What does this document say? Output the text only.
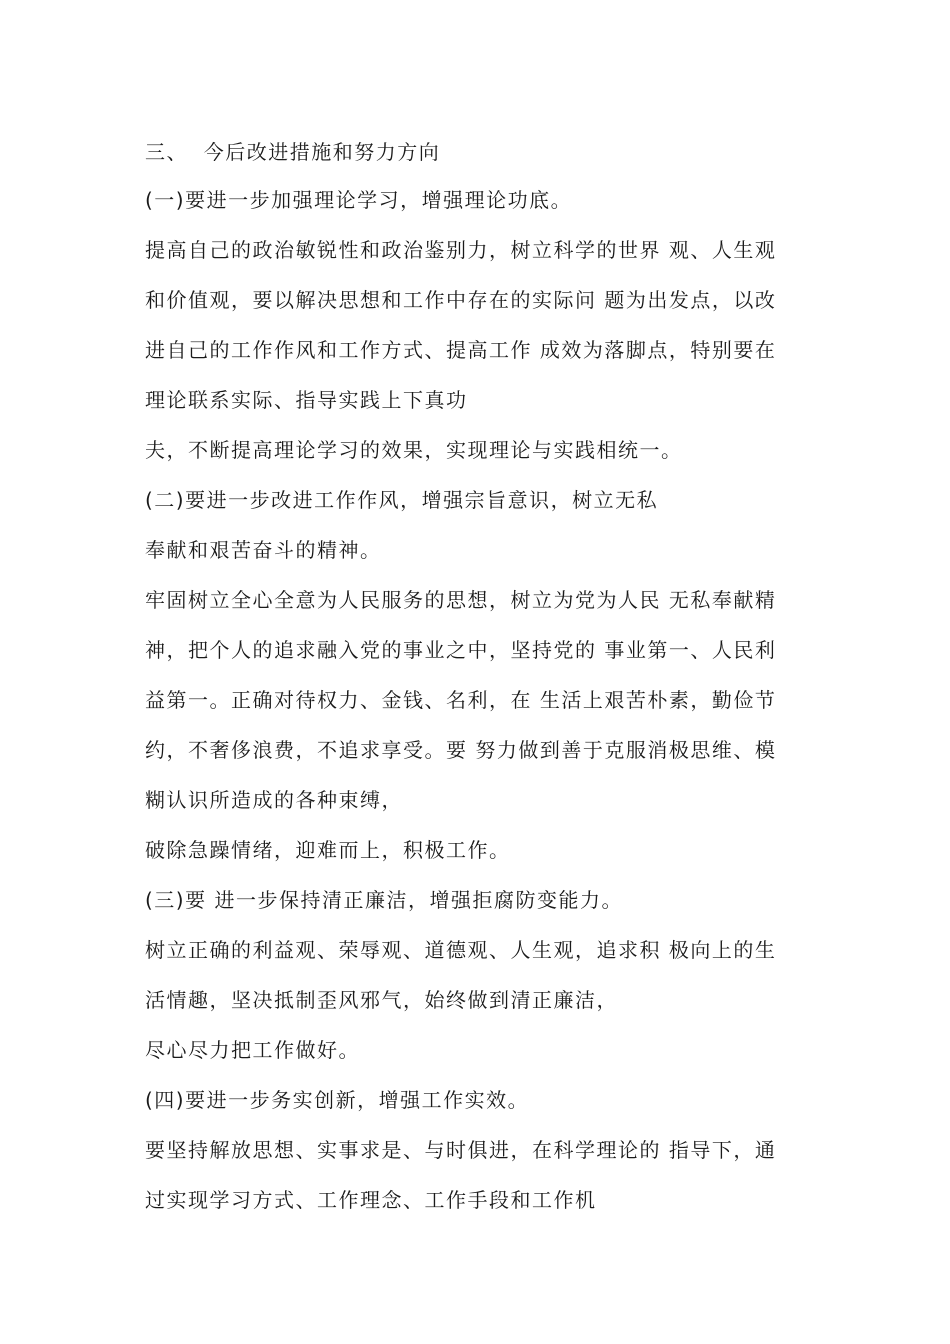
三、  今后改进措施和努力方向
(一)要进一步加强理论学习，增强理论功底。
提高自己的政治敏锐性和政治鉴别力，树立科学的世界 观、人生观
和价值观，要以解决思想和工作中存在的实际问 题为出发点，以改
进自己的工作作风和工作方式、提高工作 成效为落脚点，特别要在
理论联系实际、指导实践上下真功
夫，不断提高理论学习的效果，实现理论与实践相统一。
(二)要进一步改进工作作风，增强宗旨意识，树立无私
奉献和艰苦奋斗的精神。
牢固树立全心全意为人民服务的思想，树立为党为人民 无私奉献精
神，把个人的追求融入党的事业之中，坚持党的 事业第一、人民利
益第一。正确对待权力、金钱、名利，在 生活上艰苦朴素，勤俭节
约，不奢侈浪费，不追求享受。要 努力做到善于克服消极思维、模
糊认识所造成的各种束缚，
破除急躁情绪，迎难而上，积极工作。
(三)要 进一步保持清正廉洁，增强拒腐防变能力。
树立正确的利益观、荣辱观、道德观、人生观，追求积 极向上的生
活情趣，坚决抵制歪风邪气，始终做到清正廉洁，
尽心尽力把工作做好。
(四)要进一步务实创新，增强工作实效。
要坚持解放思想、实事求是、与时俱进，在科学理论的 指导下，通
过实现学习方式、工作理念、工作手段和工作机
